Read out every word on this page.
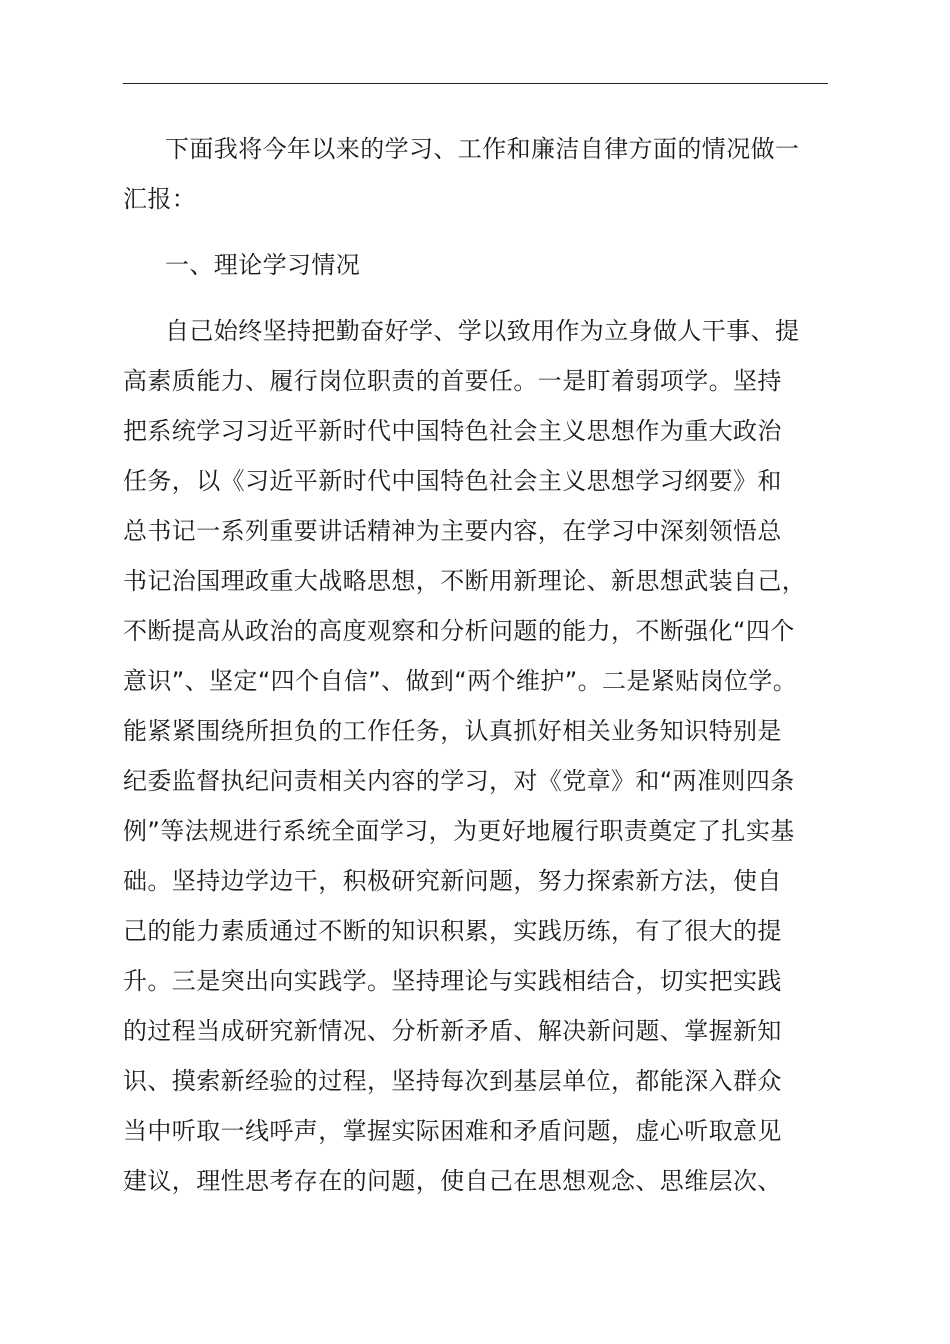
下面我将今年以来的学习、工作和廉洁自律方面的情况做一
汇报：
一、理论学习情况
自己始终坚持把勤奋好学、学以致用作为立身做人干事、提
高素质能力、履行岗位职责的首要任。一是盯着弱项学。坚持
把系统学习习近平新时代中国特色社会主义思想作为重大政治
任务，以《习近平新时代中国特色社会主义思想学习纲要》和
总书记一系列重要讲话精神为主要内容，在学习中深刻领悟总
书记治国理政重大战略思想，不断用新理论、新思想武装自己，
不断提高从政治的高度观察和分析问题的能力，不断强化“四个
意识”、坚定“四个自信”、做到“两个维护”。二是紧贴岗位学。
能紧紧围绕所担负的工作任务，认真抓好相关业务知识特别是
纪委监督执纪问责相关内容的学习，对《党章》和“两准则四条
例”等法规进行系统全面学习，为更好地履行职责奠定了扎实基
础。坚持边学边干，积极研究新问题，努力探索新方法，使自
己的能力素质通过不断的知识积累，实践历练，有了很大的提
升。三是突出向实践学。坚持理论与实践相结合，切实把实践
的过程当成研究新情况、分析新矛盾、解决新问题、掌握新知
识、摸索新经验的过程，坚持每次到基层单位，都能深入群众
当中听取一线呼声，掌握实际困难和矛盾问题，虚心听取意见
建议，理性思考存在的问题，使自己在思想观念、思维层次、
